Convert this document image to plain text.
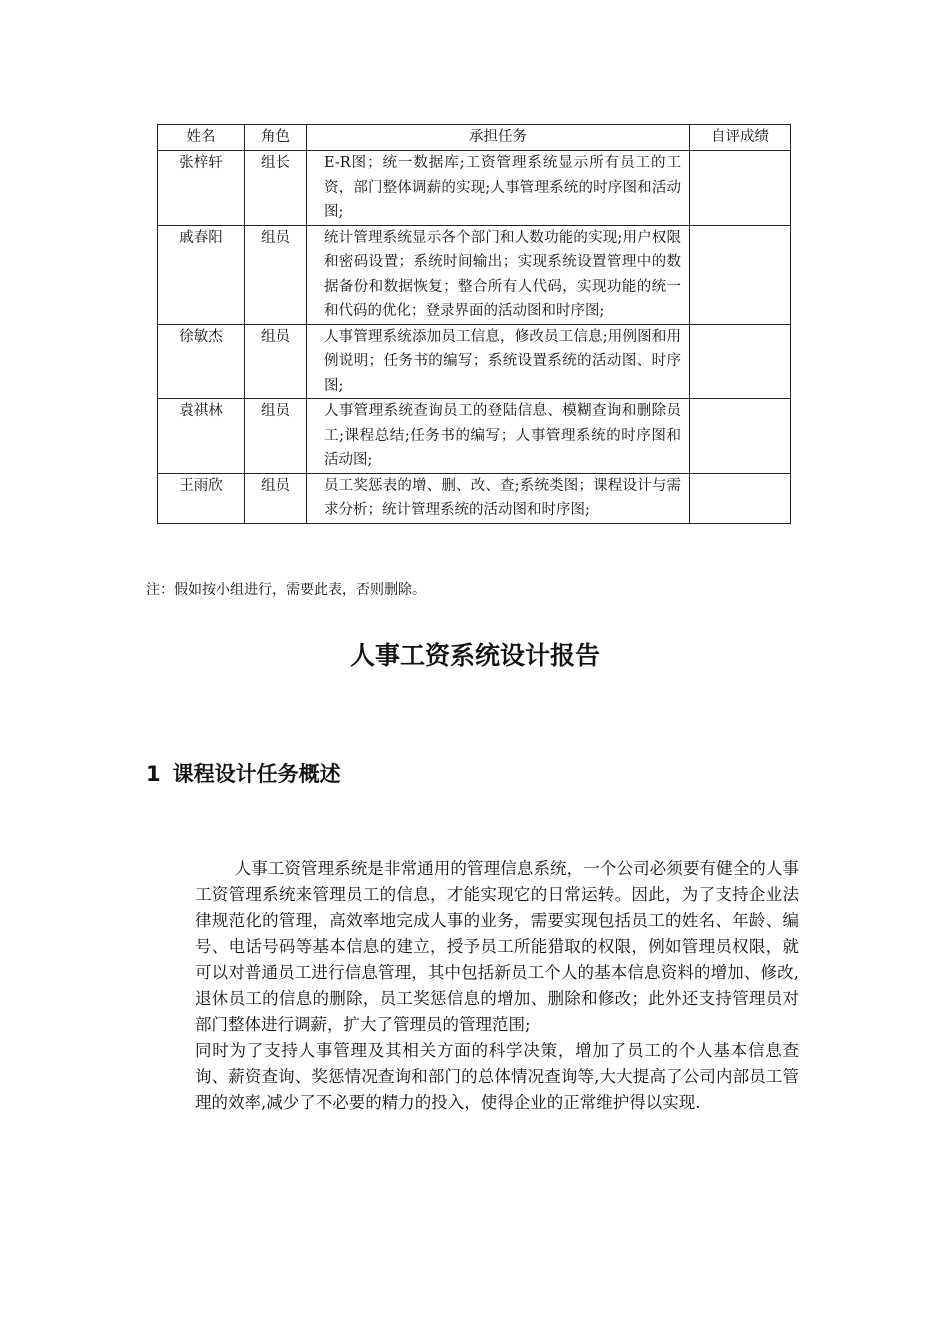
姓名	角色	承担任务	自评成绩
张梓轩	组长	E-R图；统一数据库;工资管理系统显示所有员工的工资，部门整体调薪的实现;人事管理系统的时序图和活动图;	
戚春阳	组员	统计管理系统显示各个部门和人数功能的实现;用户权限和密码设置；系统时间输出；实现系统设置管理中的数据备份和数据恢复；整合所有人代码，实现功能的统一和代码的优化；登录界面的活动图和时序图;	
徐敏杰	组员	人事管理系统添加员工信息，修改员工信息;用例图和用例说明；任务书的编写；系统设置系统的活动图、时序图;	
袁祺林	组员	人事管理系统查询员工的登陆信息、模糊查询和删除员工;课程总结;任务书的编写；人事管理系统的时序图和活动图;	
王雨欣	组员	员工奖惩表的增、删、改、查;系统类图；课程设计与需求分析；统计管理系统的活动图和时序图;	
注：假如按小组进行，需要此表，否则删除。
人事工资系统设计报告
1 课程设计任务概述

人事工资管理系统是非常通用的管理信息系统，一个公司必须要有健全的人事工资管理系统来管理员工的信息，才能实现它的日常运转。因此，为了支持企业法律规范化的管理，高效率地完成人事的业务，需要实现包括员工的姓名、年龄、编号、电话号码等基本信息的建立，授予员工所能猎取的权限，例如管理员权限，就可以对普通员工进行信息管理，其中包括新员工个人的基本信息资料的增加、修改,退休员工的信息的删除，员工奖惩信息的增加、删除和修改；此外还支持管理员对部门整体进行调薪，扩大了管理员的管理范围;

同时为了支持人事管理及其相关方面的科学决策，增加了员工的个人基本信息查询、薪资查询、奖惩情况查询和部门的总体情况查询等,大大提高了公司内部员工管理的效率,减少了不必要的精力的投入，使得企业的正常维护得以实现.
